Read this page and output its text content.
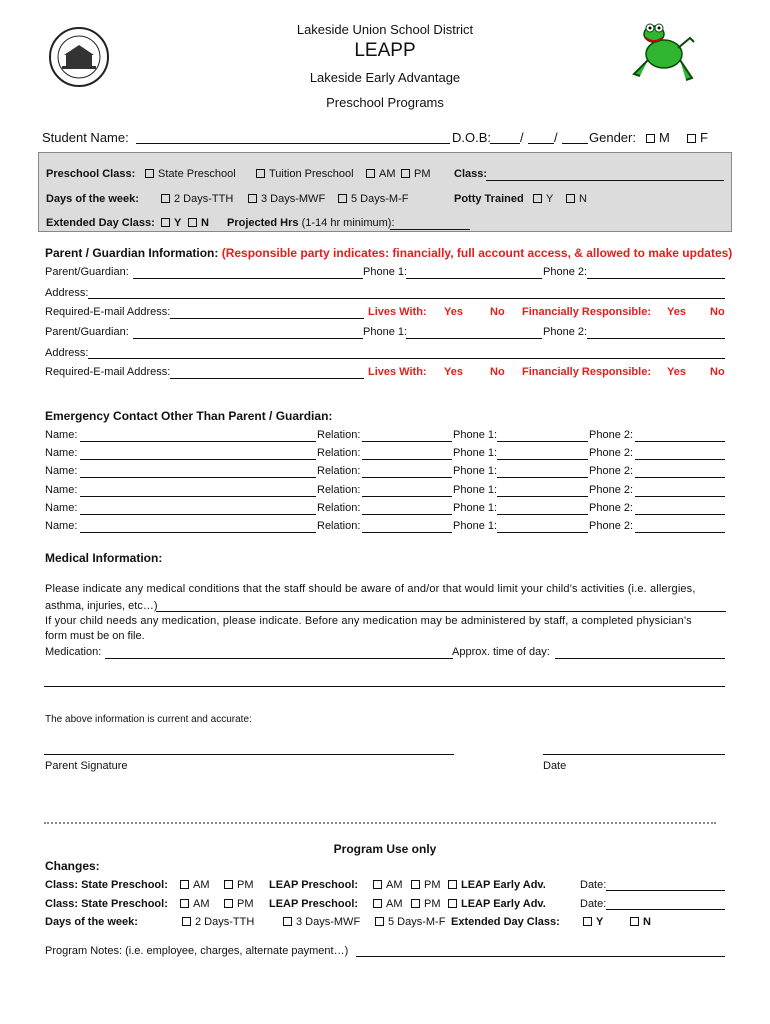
Lakeside Union School District
LEAPP
Lakeside Early Advantage
Preschool Programs
Student Name:	D.O.B: / / Gender:	M	F
Preschool Class:	State Preschool	Tuition Preschool	AM	PM Class:
Days of the week:	2 Days-TTH	3 Days-MWF	5 Days-M-F	Potty Trained	Y	N
Extended Day Class:	Y	N Projected Hrs (1-14 hr minimum):
Parent / Guardian Information: (Responsible party indicates: financially, full account access, & allowed to make updates)
Parent/Guardian:	Phone 1:	Phone 2:
Address:
Required-E-mail Address:	Lives With: Yes No Financially Responsible: Yes No
Parent/Guardian:	Phone 1:	Phone 2:
Address:
Required-E-mail Address:	Lives With: Yes No Financially Responsible: Yes No
Emergency Contact Other Than Parent / Guardian:
Name:	Relation:	Phone 1:	Phone 2:
Name:	Relation:	Phone 1:	Phone 2:
Name:	Relation:	Phone 1:	Phone 2:
Name:	Relation:	Phone 1:	Phone 2:
Name:	Relation:	Phone 1:	Phone 2:
Name:	Relation:	Phone 1:	Phone 2:
Medical Information:
Please indicate any medical conditions that the staff should be aware of and/or that would limit your child’s activities (i.e. allergies,
asthma, injuries, etc…)
If your child needs any medication, please indicate. Before any medication may be administered by staff, a completed physician’s
form must be on file.
Medication:	Approx. time of day:
The above information is current and accurate:
Parent Signature	Date
Program Use only
Changes:
Class: State Preschool:	AM	PM LEAP Preschool:	AM	PM	LEAP Early Adv.	Date:
Class: State Preschool:	AM	PM LEAP Preschool:	AM	PM	LEAP Early Adv.	Date:
Days of the week:	2 Days-TTH	3 Days-MWF	5 Days-M-F Extended Day Class:	Y	N
Program Notes: (i.e. employee, charges, alternate payment…)
